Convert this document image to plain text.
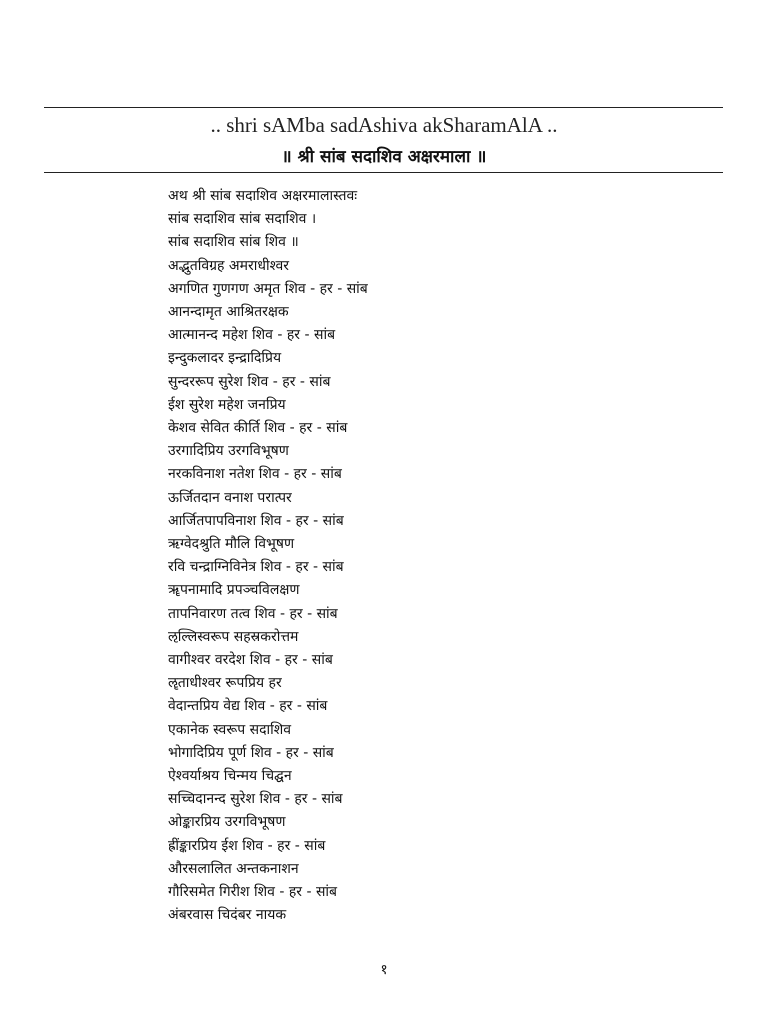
.. shri sAMba sadAshiva akSharamAlA ..
॥ श्री सांब सदाशिव अक्षरमाला ॥
अथ श्री सांब सदाशिव अक्षरमालास्तवः
सांब सदाशिव सांब सदाशिव ।
सांब सदाशिव सांब शिव ॥
अद्भुतविग्रह अमराधीश्वर
अगणित गुणगण अमृत शिव - हर - सांब
आनन्दामृत आश्रितरक्षक
आत्मानन्द महेश शिव - हर - सांब
इन्दुकलादर इन्द्रादिप्रिय
सुन्दररूप सुरेश शिव - हर - सांब
ईश सुरेश महेश जनप्रिय
केशव सेवित कीर्ति शिव - हर - सांब
उरगादिप्रिय उरगविभूषण
नरकविनाश नतेश शिव - हर - सांब
ऊर्जितदान वनाश परात्पर
आर्जितपापविनाश शिव - हर - सांब
ऋग्वेदश्रुति मौलि विभूषण
रवि चन्द्राग्निविनेत्र शिव - हर - सांब
ॠपनामादि प्रपञ्चविलक्षण
तापनिवारण तत्व शिव - हर - सांब
ऌल्लिस्वरूप सहस्रकरोत्तम
वागीश्वर वरदेश शिव - हर - सांब
ॡताधीश्वर रूपप्रिय हर
वेदान्तप्रिय वेद्य शिव - हर - सांब
एकानेक स्वरूप सदाशिव
भोगादिप्रिय पूर्ण शिव - हर - सांब
ऐश्वर्याश्रय चिन्मय चिद्घन
सच्चिदानन्द सुरेश शिव - हर - सांब
ओङ्कारप्रिय उरगविभूषण
ह्रींङ्कारप्रिय ईश शिव - हर - सांब
औरसलालित अन्तकनाशन
गौरिसमेत गिरीश शिव - हर - सांब
अंबरवास चिदंबर नायक
१
